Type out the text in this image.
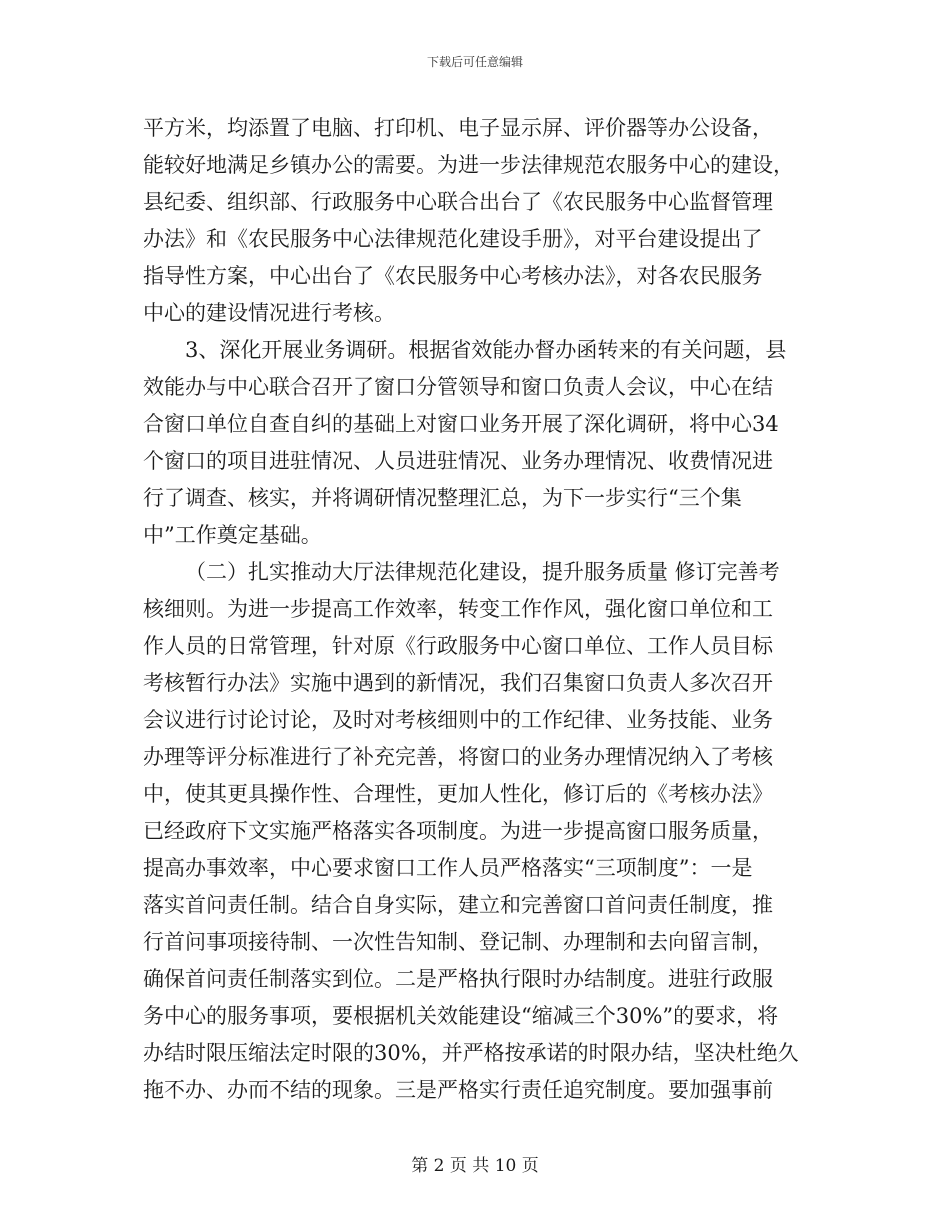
下载后可任意编辑
平方米，均添置了电脑、打印机、电子显示屏、评价器等办公设备，
能较好地满足乡镇办公的需要。为进一步法律规范农服务中心的建设，
县纪委、组织部、行政服务中心联合出台了《农民服务中心监督管理
办法》和《农民服务中心法律规范化建设手册》，对平台建设提出了
指导性方案，中心出台了《农民服务中心考核办法》，对各农民服务
中心的建设情况进行考核。
3、深化开展业务调研。根据省效能办督办函转来的有关问题，县
效能办与中心联合召开了窗口分管领导和窗口负责人会议，中心在结
合窗口单位自查自纠的基础上对窗口业务开展了深化调研，将中心34
个窗口的项目进驻情况、人员进驻情况、业务办理情况、收费情况进
行了调查、核实，并将调研情况整理汇总，为下一步实行“三个集
中”工作奠定基础。
（二）扎实推动大厅法律规范化建设，提升服务质量 修订完善考
核细则。为进一步提高工作效率，转变工作作风，强化窗口单位和工
作人员的日常管理，针对原《行政服务中心窗口单位、工作人员目标
考核暂行办法》实施中遇到的新情况，我们召集窗口负责人多次召开
会议进行讨论讨论，及时对考核细则中的工作纪律、业务技能、业务
办理等评分标准进行了补充完善，将窗口的业务办理情况纳入了考核
中，使其更具操作性、合理性，更加人性化，修订后的《考核办法》
已经政府下文实施严格落实各项制度。为进一步提高窗口服务质量，
提高办事效率，中心要求窗口工作人员严格落实“三项制度”：一是
落实首问责任制。结合自身实际，建立和完善窗口首问责任制度，推
行首问事项接待制、一次性告知制、登记制、办理制和去向留言制，
确保首问责任制落实到位。二是严格执行限时办结制度。进驻行政服
务中心的服务事项，要根据机关效能建设“缩减三个30%”的要求，将
办结时限压缩法定时限的30%，并严格按承诺的时限办结，坚决杜绝久
拖不办、办而不结的现象。三是严格实行责任追究制度。要加强事前
第 2 页 共 10 页
